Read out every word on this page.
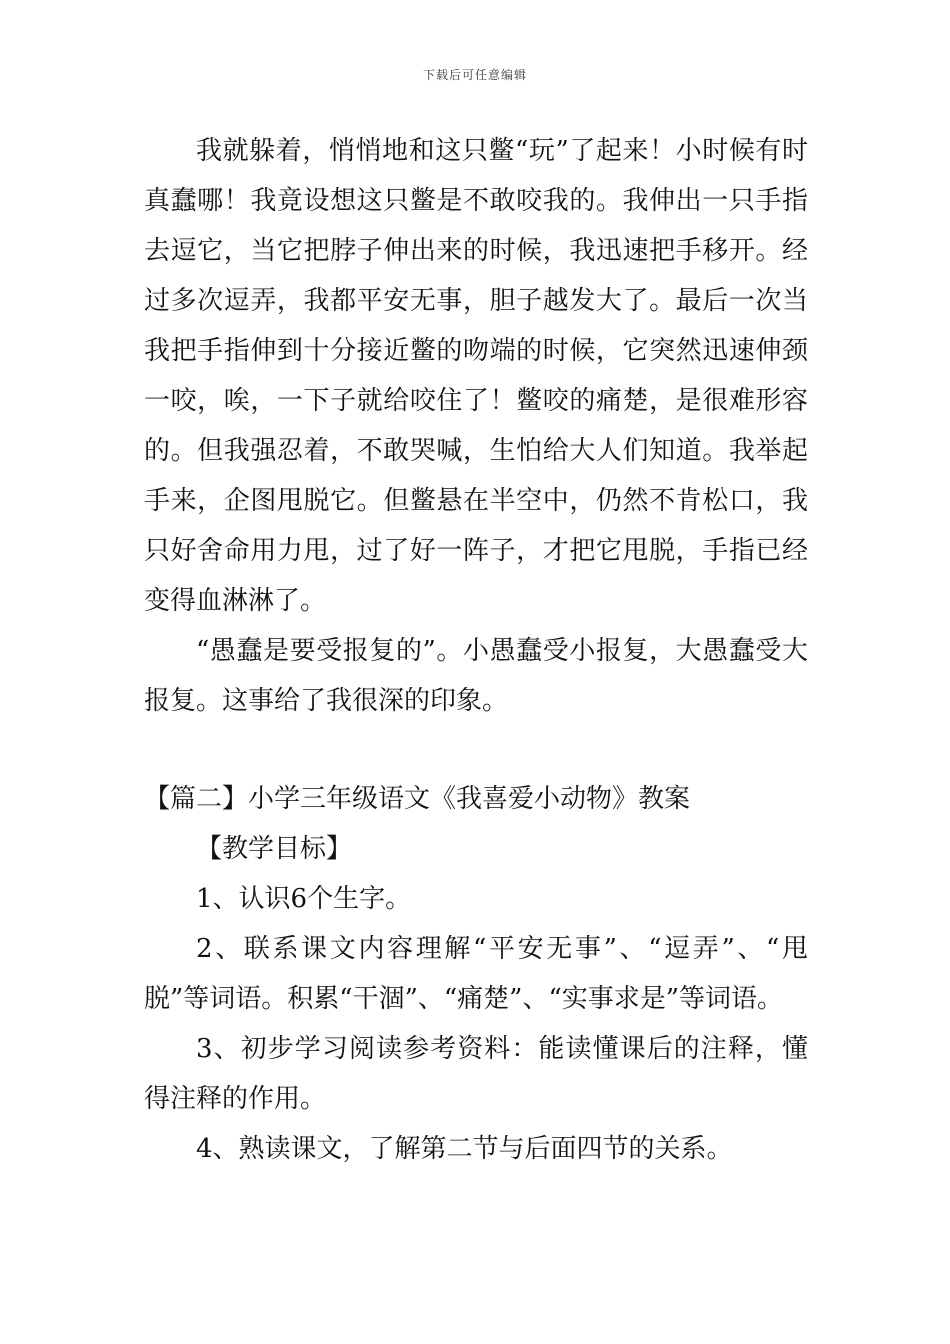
下载后可任意编辑

我就躲着，悄悄地和这只鳖“玩”了起来！小时候有时真蠢哪！我竟设想这只鳖是不敢咬我的。我伸出一只手指去逗它，当它把脖子伸出来的时候，我迅速把手移开。经过多次逗弄，我都平安无事，胆子越发大了。最后一次当我把手指伸到十分接近鳖的吻端的时候，它突然迅速伸颈一咬，唉，一下子就给咬住了！鳖咬的痛楚，是很难形容的。但我强忍着，不敢哭喊，生怕给大人们知道。我举起手来，企图甩脱它。但鳖悬在半空中，仍然不肯松口，我只好舍命用力甩，过了好一阵子，才把它甩脱，手指已经变得血淋淋了。

“愚蠢是要受报复的”。小愚蠢受小报复，大愚蠢受大报复。这事给了我很深的印象。

【篇二】小学三年级语文《我喜爱小动物》教案

【教学目标】

1、认识6个生字。

2、联系课文内容理解“平安无事”、“逗弄”、“甩脱”等词语。积累“干涸”、“痛楚”、“实事求是”等词语。

3、初步学习阅读参考资料：能读懂课后的注释，懂得注释的作用。

4、熟读课文，了解第二节与后面四节的关系。
